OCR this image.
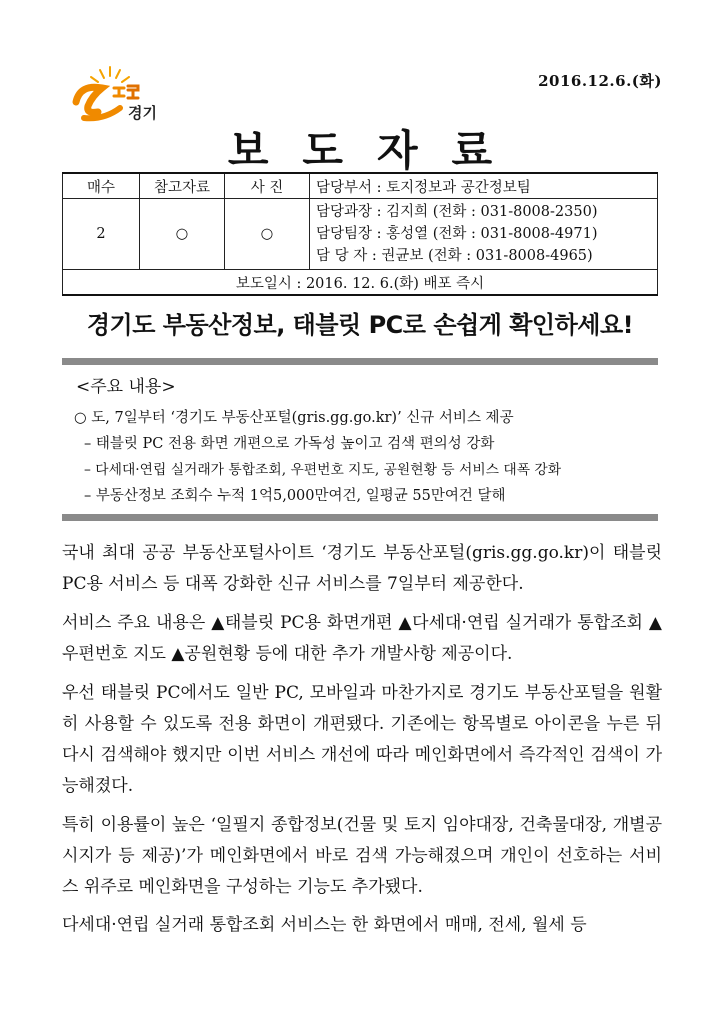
경기
2016.12.6.(화)
보도자료
매수	참고자료	사 진	담당부서 : 토지정보과 공간정보팀
2	○	○	담당과장 : 김지희 (전화 : 031-8008-2350)
담당팀장 : 홍성열 (전화 : 031-8008-4971)
담 당 자 : 권균보 (전화 : 031-8008-4965)

보도일시 : 2016. 12. 6.(화) 배포 즉시			
경기도 부동산정보, 태블릿 PC로 손쉽게 확인하세요!
<주요 내용>
○ 도, 7일부터 ‘경기도 부동산포털(gris.gg.go.kr)’ 신규 서비스 제공
– 태블릿 PC 전용 화면 개편으로 가독성 높이고 검색 편의성 강화
– 다세대·연립 실거래가 통합조회, 우편번호 지도, 공원현황 등 서비스 대폭 강화
– 부동산정보 조회수 누적 1억5,000만여건, 일평균 55만여건 달해
국내 최대 공공 부동산포털사이트 ‘경기도 부동산포털(gris.gg.go.kr)이 태블릿 PC용 서비스 등 대폭 강화한 신규 서비스를 7일부터 제공한다.
서비스 주요 내용은 ▲태블릿 PC용 화면개편 ▲다세대·연립 실거래가 통합조회 ▲우편번호 지도 ▲공원현황 등에 대한 추가 개발사항 제공이다.
우선 태블릿 PC에서도 일반 PC, 모바일과 마찬가지로 경기도 부동산포털을 원활히 사용할 수 있도록 전용 화면이 개편됐다. 기존에는 항목별로 아이콘을 누른 뒤 다시 검색해야 했지만 이번 서비스 개선에 따라 메인화면에서 즉각적인 검색이 가능해졌다.
특히 이용률이 높은 ‘일필지 종합정보(건물 및 토지 임야대장, 건축물대장, 개별공시지가 등 제공)’가 메인화면에서 바로 검색 가능해졌으며 개인이 선호하는 서비스 위주로 메인화면을 구성하는 기능도 추가됐다.
다세대·연립 실거래 통합조회 서비스는 한 화면에서 매매, 전세, 월세 등
